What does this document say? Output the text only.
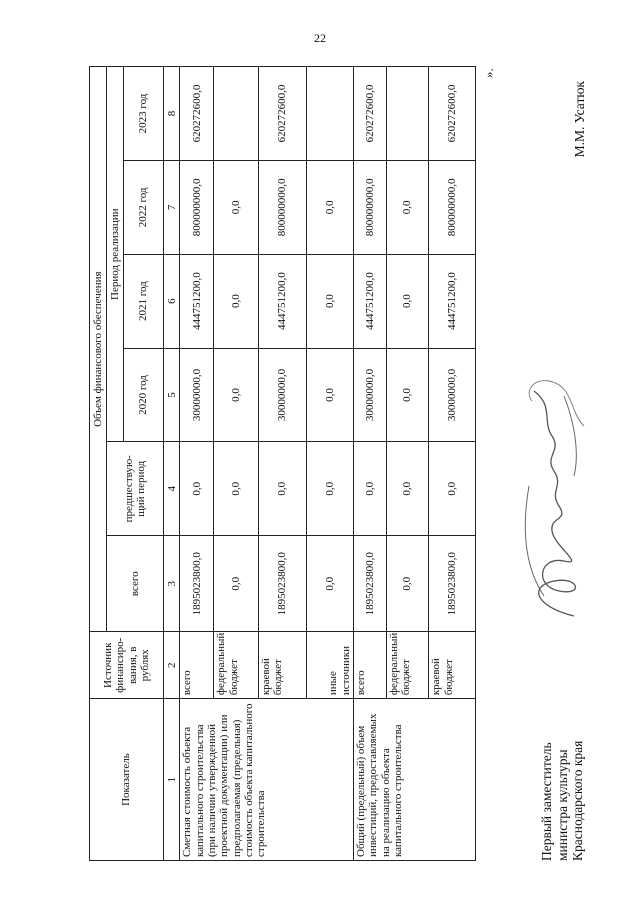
22
Показатель	Источник финансиро-вания, в рублях	Объем финансового обеспечения					
		всего	предшествую-щий период	Период реализации			
				2020 год	2021 год	2022 год	2023 год
1	2	3	4	5	6	7	8
Сметная стоимость объекта капитального строительства (при наличии утвержденной проектной документации) или предполагаемая (предельная) стоимость объекта капитального строительства	всего	1895023800,0	0,0	30000000,0	444751200,0	800000000,0	620272600,0
	федеральный бюджет	0,0	0,0	0,0	0,0	0,0	
	краевой бюджет	1895023800,0	0,0	30000000,0	444751200,0	800000000,0	620272600,0
	иные источники	0,0	0,0	0,0	0,0	0,0	
Общий (предельный) объем инвестиций, предоставляемых на реализацию объекта капитального строительства	всего	1895023800,0	0,0	30000000,0	444751200,0	800000000,0	620272600,0
	федеральный бюджет	0,0	0,0	0,0	0,0	0,0	
	краевой бюджет	1895023800,0	0,0	30000000,0	444751200,0	800000000,0	620272600,0
».
Первый заместитель министра культуры Краснодарского края
М.М. Усатюк
